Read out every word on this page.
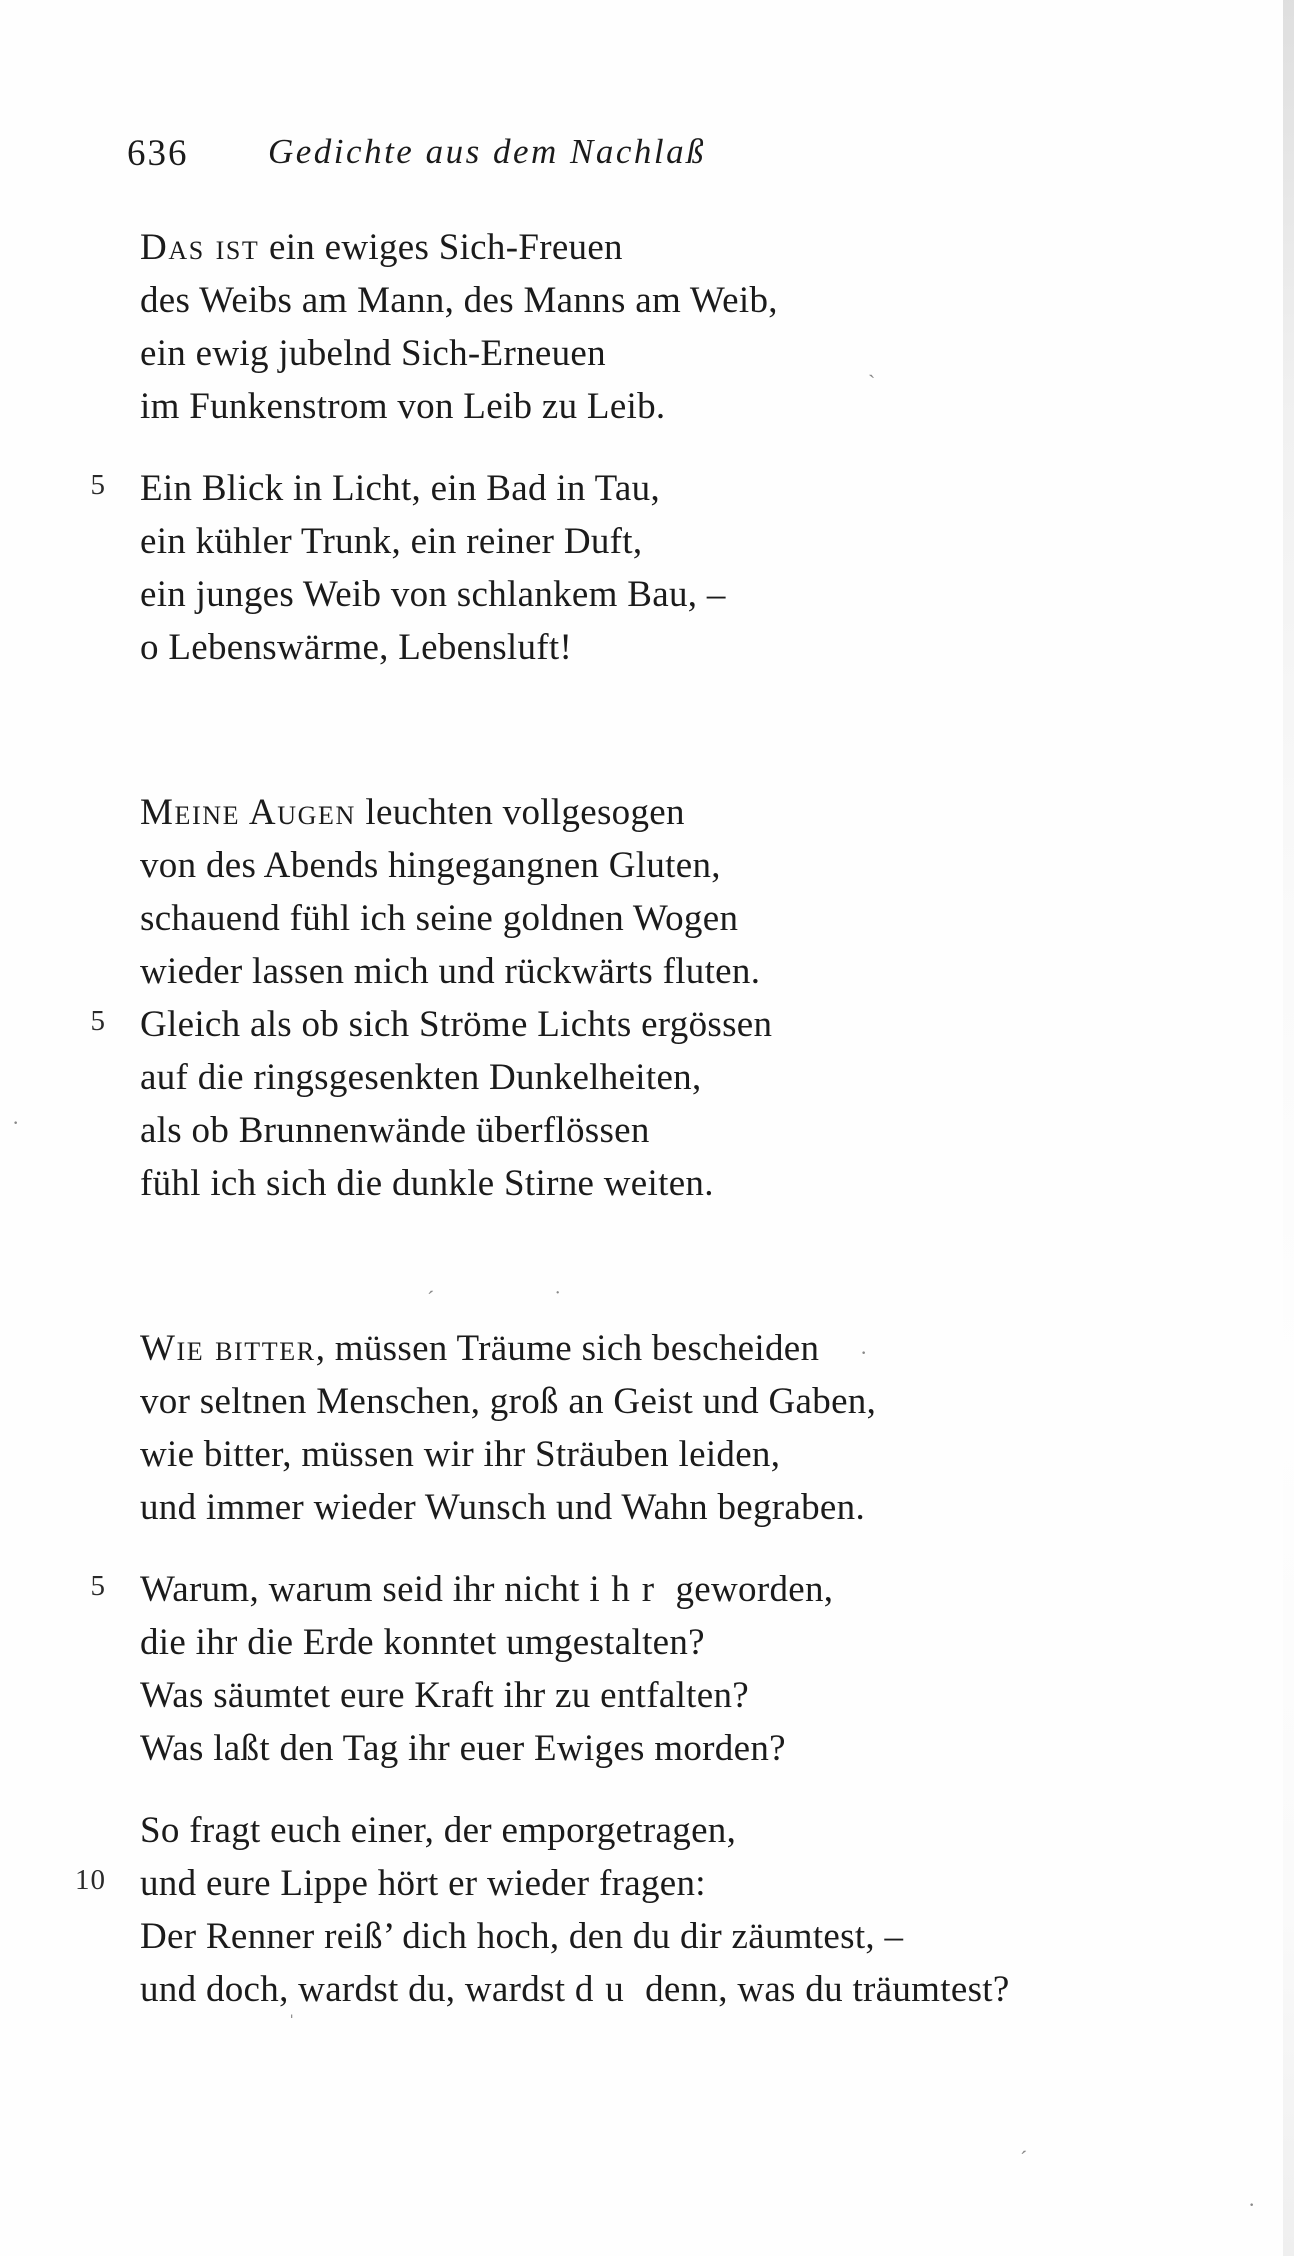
636 Gedichte aus dem Nachlaß
Das ist ein ewiges Sich-Freuen
des Weibs am Mann, des Manns am Weib,
ein ewig jubelnd Sich-Erneuen
im Funkenstrom von Leib zu Leib.
5 Ein Blick in Licht, ein Bad in Tau,
ein kühler Trunk, ein reiner Duft,
ein junges Weib von schlankem Bau, –
o Lebenswärme, Lebensluft!
Meine Augen leuchten vollgesogen
von des Abends hingegangnen Gluten,
schauend fühl ich seine goldnen Wogen
wieder lassen mich und rückwärts fluten.
5 Gleich als ob sich Ströme Lichts ergössen
auf die ringsgesenkten Dunkelheiten,
als ob Brunnenwände überflössen
fühl ich sich die dunkle Stirne weiten.
Wie bitter, müssen Träume sich bescheiden
vor seltnen Menschen, groß an Geist und Gaben,
wie bitter, müssen wir ihr Sträuben leiden,
und immer wieder Wunsch und Wahn begraben.
5 Warum, warum seid ihr nicht ihr geworden,
die ihr die Erde konntet umgestalten?
Was säumtet eure Kraft ihr zu entfalten?
Was laßt den Tag ihr euer Ewiges morden?
So fragt euch einer, der emporgetragen,
10 und eure Lippe hört er wieder fragen:
Der Renner reiß’ dich hoch, den du dir zäumtest, –
und doch, wardst du, wardst du denn, was du träumtest?
ˋ
·
ˊ	˙
·
ˈ
ˊ
·
